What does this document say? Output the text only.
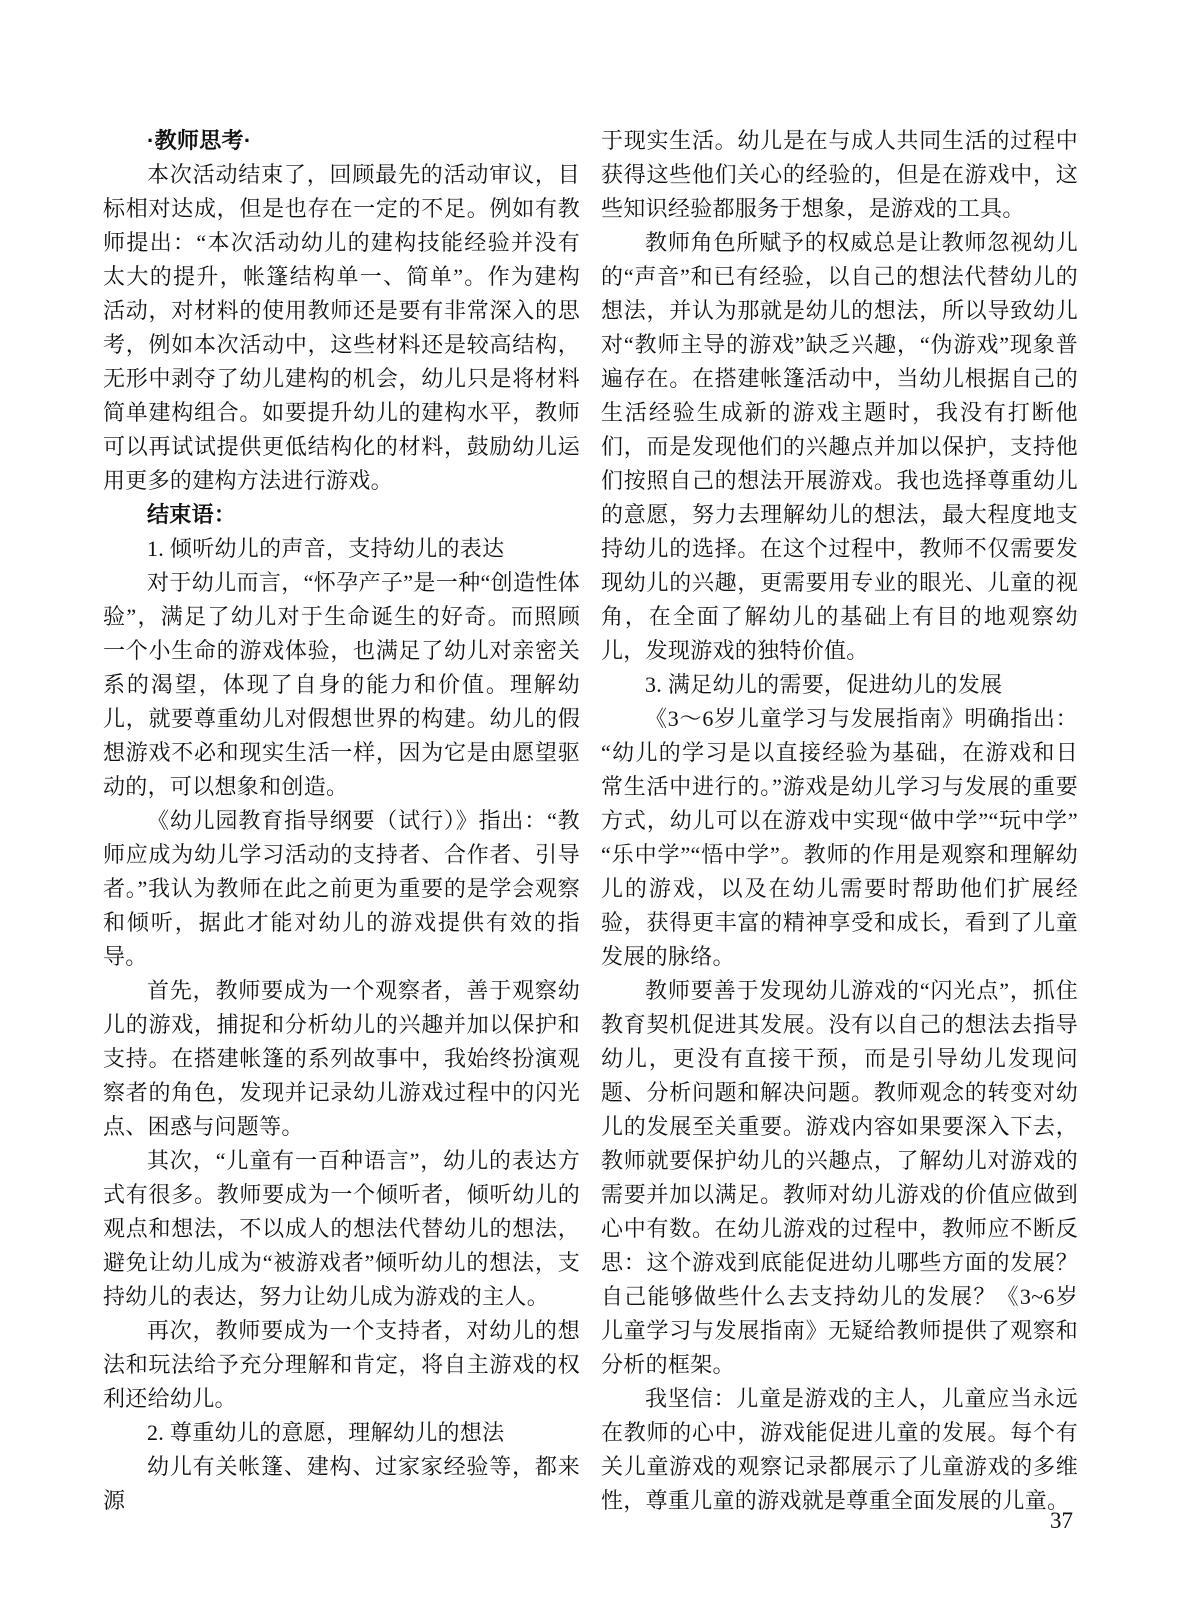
·教师思考·

本次活动结束了，回顾最先的活动审议，目标相对达成，但是也存在一定的不足。例如有教师提出：“本次活动幼儿的建构技能经验并没有太大的提升，帐篷结构单一、简单”。作为建构活动，对材料的使用教师还是要有非常深入的思考，例如本次活动中，这些材料还是较高结构，无形中剥夺了幼儿建构的机会，幼儿只是将材料简单建构组合。如要提升幼儿的建构水平，教师可以再试试提供更低结构化的材料，鼓励幼儿运用更多的建构方法进行游戏。

结束语：

1. 倾听幼儿的声音，支持幼儿的表达

对于幼儿而言，“怀孕产子”是一种“创造性体验”，满足了幼儿对于生命诞生的好奇。而照顾一个小生命的游戏体验，也满足了幼儿对亲密关系的渴望，体现了自身的能力和价值。理解幼儿，就要尊重幼儿对假想世界的构建。幼儿的假想游戏不必和现实生活一样，因为它是由愿望驱动的，可以想象和创造。

《幼儿园教育指导纲要（试行）》指出：“教师应成为幼儿学习活动的支持者、合作者、引导者。”我认为教师在此之前更为重要的是学会观察和倾听，据此才能对幼儿的游戏提供有效的指导。

首先，教师要成为一个观察者，善于观察幼儿的游戏，捕捉和分析幼儿的兴趣并加以保护和支持。在搭建帐篷的系列故事中，我始终扮演观察者的角色，发现并记录幼儿游戏过程中的闪光点、困惑与问题等。

其次，“儿童有一百种语言”，幼儿的表达方式有很多。教师要成为一个倾听者，倾听幼儿的观点和想法，不以成人的想法代替幼儿的想法，避免让幼儿成为“被游戏者”倾听幼儿的想法，支持幼儿的表达，努力让幼儿成为游戏的主人。

再次，教师要成为一个支持者，对幼儿的想法和玩法给予充分理解和肯定，将自主游戏的权利还给幼儿。

2. 尊重幼儿的意愿，理解幼儿的想法

幼儿有关帐篷、建构、过家家经验等，都来源

于现实生活。幼儿是在与成人共同生活的过程中获得这些他们关心的经验的，但是在游戏中，这些知识经验都服务于想象，是游戏的工具。

教师角色所赋予的权威总是让教师忽视幼儿的“声音”和已有经验，以自己的想法代替幼儿的想法，并认为那就是幼儿的想法，所以导致幼儿对“教师主导的游戏”缺乏兴趣，“伪游戏”现象普遍存在。在搭建帐篷活动中，当幼儿根据自己的生活经验生成新的游戏主题时，我没有打断他们，而是发现他们的兴趣点并加以保护，支持他们按照自己的想法开展游戏。我也选择尊重幼儿的意愿，努力去理解幼儿的想法，最大程度地支持幼儿的选择。在这个过程中，教师不仅需要发现幼儿的兴趣，更需要用专业的眼光、儿童的视角，在全面了解幼儿的基础上有目的地观察幼儿，发现游戏的独特价值。

3. 满足幼儿的需要，促进幼儿的发展

《3～6岁儿童学习与发展指南》明确指出：“幼儿的学习是以直接经验为基础，在游戏和日常生活中进行的。”游戏是幼儿学习与发展的重要方式，幼儿可以在游戏中实现“做中学”“玩中学”“乐中学”“悟中学”。教师的作用是观察和理解幼儿的游戏，以及在幼儿需要时帮助他们扩展经验，获得更丰富的精神享受和成长，看到了儿童发展的脉络。

教师要善于发现幼儿游戏的“闪光点”，抓住教育契机促进其发展。没有以自己的想法去指导幼儿，更没有直接干预，而是引导幼儿发现问题、分析问题和解决问题。教师观念的转变对幼儿的发展至关重要。游戏内容如果要深入下去，教师就要保护幼儿的兴趣点，了解幼儿对游戏的需要并加以满足。教师对幼儿游戏的价值应做到心中有数。在幼儿游戏的过程中，教师应不断反思：这个游戏到底能促进幼儿哪些方面的发展？自己能够做些什么去支持幼儿的发展？《3~6岁儿童学习与发展指南》无疑给教师提供了观察和分析的框架。

我坚信：儿童是游戏的主人，儿童应当永远在教师的心中，游戏能促进儿童的发展。每个有关儿童游戏的观察记录都展示了儿童游戏的多维性，尊重儿童的游戏就是尊重全面发展的儿童。

37
